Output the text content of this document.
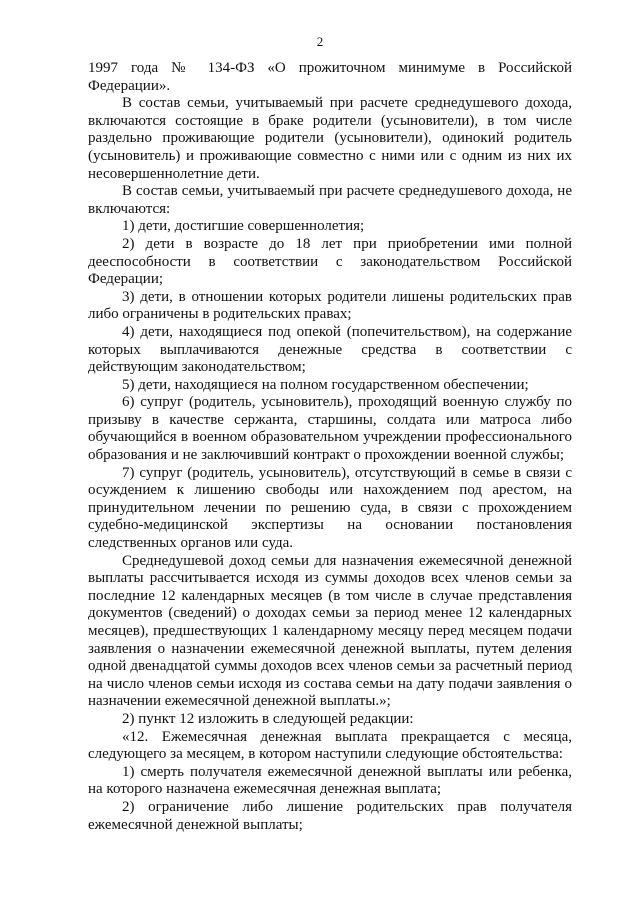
2

1997 года № 134-ФЗ «О прожиточном минимуме в Российской Федерации».

В состав семьи, учитываемый при расчете среднедушевого дохода, включаются состоящие в браке родители (усыновители), в том числе раздельно проживающие родители (усыновители), одинокий родитель (усыновитель) и проживающие совместно с ними или с одним из них их несовершеннолетние дети.

В состав семьи, учитываемый при расчете среднедушевого дохода, не включаются:

1) дети, достигшие совершеннолетия;

2) дети в возрасте до 18 лет при приобретении ими полной дееспособности в соответствии с законодательством Российской Федерации;

3) дети, в отношении которых родители лишены родительских прав либо ограничены в родительских правах;

4) дети, находящиеся под опекой (попечительством), на содержание которых выплачиваются денежные средства в соответствии с действующим законодательством;

5) дети, находящиеся на полном государственном обеспечении;

6) супруг (родитель, усыновитель), проходящий военную службу по призыву в качестве сержанта, старшины, солдата или матроса либо обучающийся в военном образовательном учреждении профессионального образования и не заключивший контракт о прохождении военной службы;

7) супруг (родитель, усыновитель), отсутствующий в семье в связи с осуждением к лишению свободы или нахождением под арестом, на принудительном лечении по решению суда, в связи с прохождением судебно-медицинской экспертизы на основании постановления следственных органов или суда.

Среднедушевой доход семьи для назначения ежемесячной денежной выплаты рассчитывается исходя из суммы доходов всех членов семьи за последние 12 календарных месяцев (в том числе в случае представления документов (сведений) о доходах семьи за период менее 12 календарных месяцев), предшествующих 1 календарному месяцу перед месяцем подачи заявления о назначении ежемесячной денежной выплаты, путем деления одной двенадцатой суммы доходов всех членов семьи за расчетный период на число членов семьи исходя из состава семьи на дату подачи заявления о назначении ежемесячной денежной выплаты.»;

2) пункт 12 изложить в следующей редакции:

«12. Ежемесячная денежная выплата прекращается с месяца, следующего за месяцем, в котором наступили следующие обстоятельства:

1) смерть получателя ежемесячной денежной выплаты или ребенка, на которого назначена ежемесячная денежная выплата;

2) ограничение либо лишение родительских прав получателя ежемесячной денежной выплаты;
